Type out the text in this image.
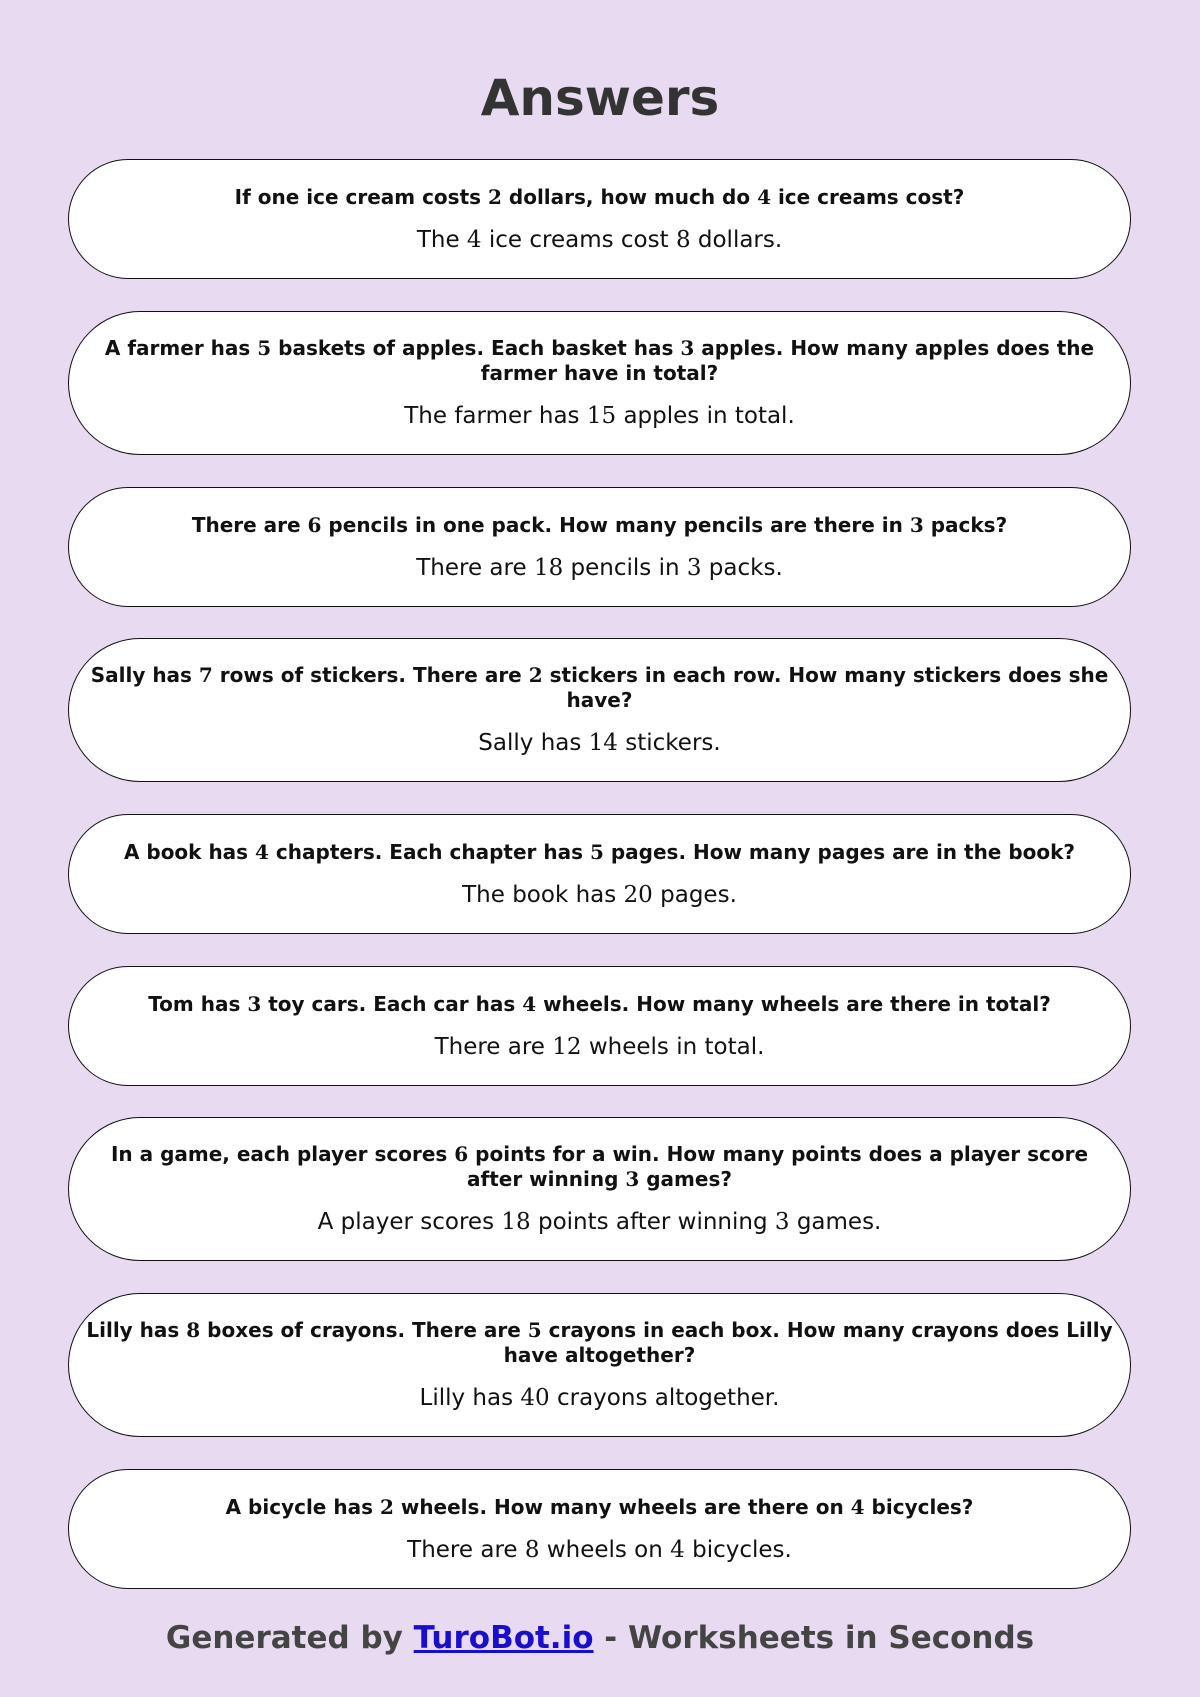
Answers
If one ice cream costs 2 dollars, how much do 4 ice creams cost?
The 4 ice creams cost 8 dollars.
A farmer has 5 baskets of apples. Each basket has 3 apples. How many apples does the farmer have in total?
The farmer has 15 apples in total.
There are 6 pencils in one pack. How many pencils are there in 3 packs?
There are 18 pencils in 3 packs.
Sally has 7 rows of stickers. There are 2 stickers in each row. How many stickers does she have?
Sally has 14 stickers.
A book has 4 chapters. Each chapter has 5 pages. How many pages are in the book?
The book has 20 pages.
Tom has 3 toy cars. Each car has 4 wheels. How many wheels are there in total?
There are 12 wheels in total.
In a game, each player scores 6 points for a win. How many points does a player score after winning 3 games?
A player scores 18 points after winning 3 games.
Lilly has 8 boxes of crayons. There are 5 crayons in each box. How many crayons does Lilly have altogether?
Lilly has 40 crayons altogether.
A bicycle has 2 wheels. How many wheels are there on 4 bicycles?
There are 8 wheels on 4 bicycles.
Generated by TuroBot.io - Worksheets in Seconds
